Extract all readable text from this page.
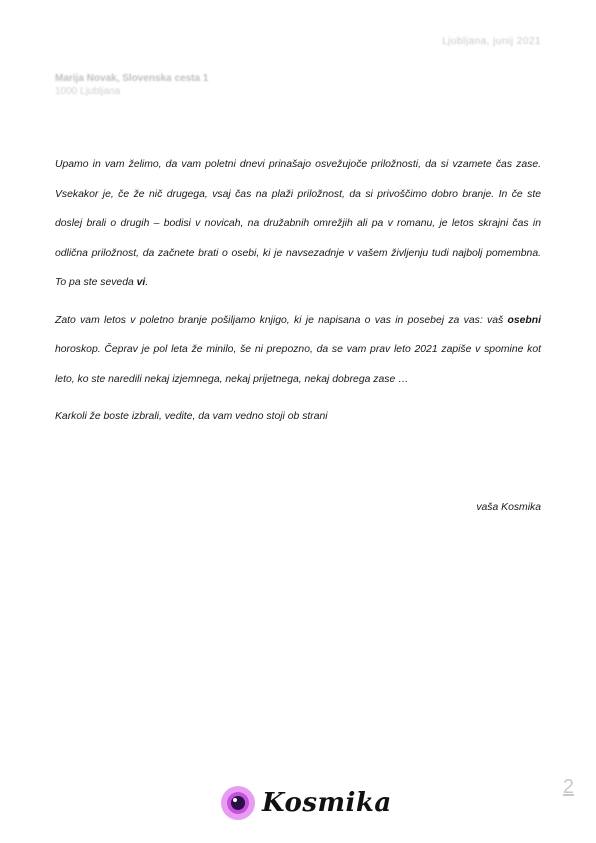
Ljubljana, junij 2021
Marija Novak, Slovenska cesta 1
1000 Ljubljana

Upamo in vam želimo, da vam poletni dnevi prinašajo osvežujoče priložnosti, da si vzamete čas zase. Vsekakor je, če že nič drugega, vsaj čas na plaži priložnost, da si privoščimo dobro branje. In če ste doslej brali o drugih – bodisi v novicah, na družabnih omrežjih ali pa v romanu, je letos skrajni čas in odlična priložnost, da začnete brati o osebi, ki je navsezadnje v vašem življenju tudi najbolj pomembna. To pa ste seveda vi.

Zato vam letos v poletno branje pošiljamo knjigo, ki je napisana o vas in posebej za vas: vaš osebni horoskop. Čeprav je pol leta že minilo, še ni prepozno, da se vam prav leto 2021 zapiše v spomine kot leto, ko ste naredili nekaj izjemnega, nekaj prijetnega, nekaj dobrega zase …

Karkoli že boste izbrali, vedite, da vam vedno stoji ob strani

vaša Kosmika
2
Kosmika
